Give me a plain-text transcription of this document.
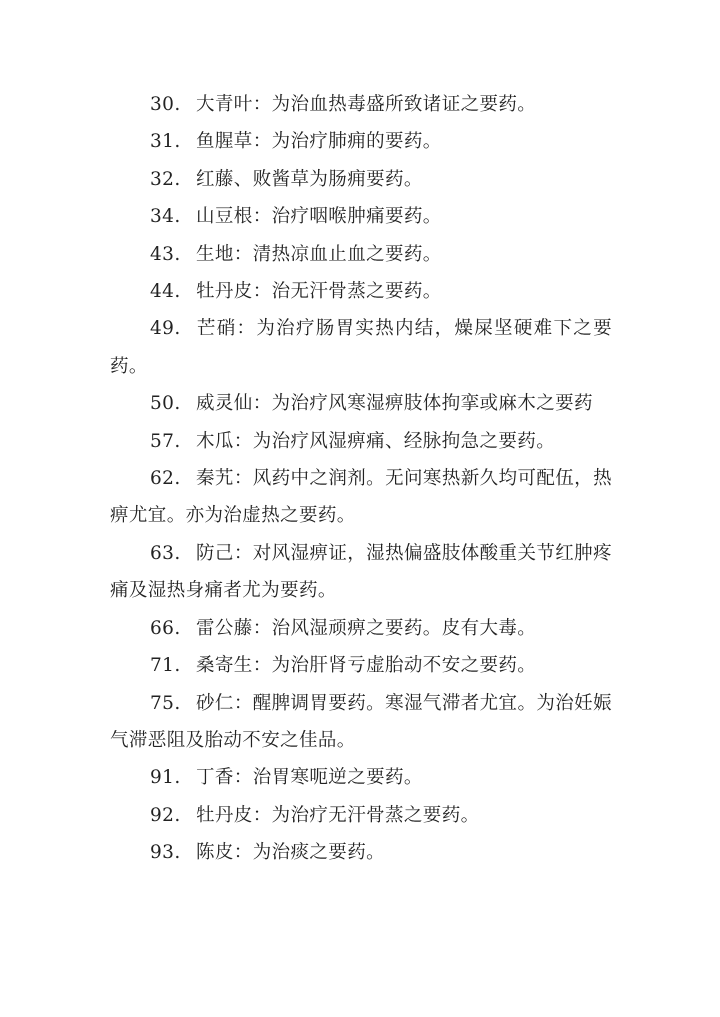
30. 大青叶：为治血热毒盛所致诸证之要药。

31. 鱼腥草：为治疗肺痈的要药。

32. 红藤、败酱草为肠痈要药。

34. 山豆根：治疗咽喉肿痛要药。

43. 生地：清热凉血止血之要药。

44. 牡丹皮：治无汗骨蒸之要药。

49. 芒硝：为治疗肠胃实热内结，燥屎坚硬难下之要药。

50. 威灵仙：为治疗风寒湿痹肢体拘挛或麻木之要药

57. 木瓜：为治疗风湿痹痛、经脉拘急之要药。

62. 秦艽：风药中之润剂。无问寒热新久均可配伍，热痹尤宜。亦为治虚热之要药。

63. 防己：对风湿痹证，湿热偏盛肢体酸重关节红肿疼痛及湿热身痛者尤为要药。

66. 雷公藤：治风湿顽痹之要药。皮有大毒。

71. 桑寄生：为治肝肾亏虚胎动不安之要药。

75. 砂仁：醒脾调胃要药。寒湿气滞者尤宜。为治妊娠气滞恶阻及胎动不安之佳品。

91. 丁香：治胃寒呃逆之要药。

92. 牡丹皮：为治疗无汗骨蒸之要药。

93. 陈皮：为治痰之要药。
